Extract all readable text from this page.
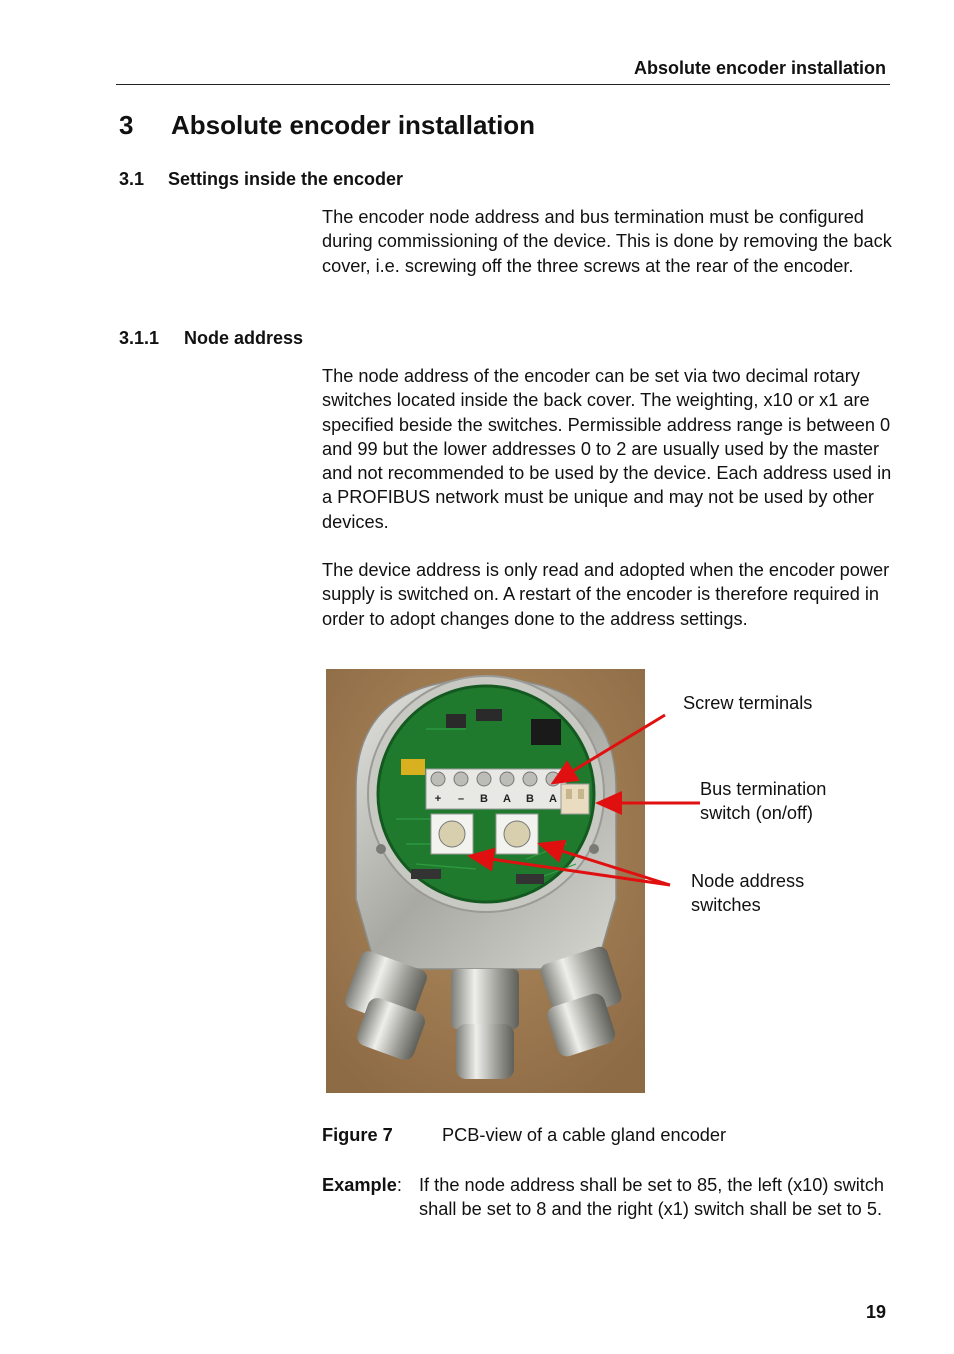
Absolute encoder installation
3 Absolute encoder installation
3.1 Settings inside the encoder
The encoder node address and bus termination must be configured during commissioning of the device. This is done by removing the back cover, i.e. screwing off the three screws at the rear of the encoder.
3.1.1 Node address
The node address of the encoder can be set via two decimal rotary switches located inside the back cover. The weighting, x10 or x1 are specified beside the switches. Permissible address range is between 0 and 99 but the lower addresses 0 to 2 are usually used by the master and not recommended to be used by the device. Each address used in a PROFIBUS network must be unique and may not be used by other devices.
The device address is only read and adopted when the encoder power supply is switched on. A restart of the encoder is therefore required in order to adopt changes done to the address settings.
+ – B A B A
Screw terminals
Bus termination
switch (on/off)
Node address
switches
Figure 7	PCB-view of a cable gland encoder
Example: If the node address shall be set to 85, the left (x10) switch shall be set to 8 and the right (x1) switch shall be set to 5.
19
